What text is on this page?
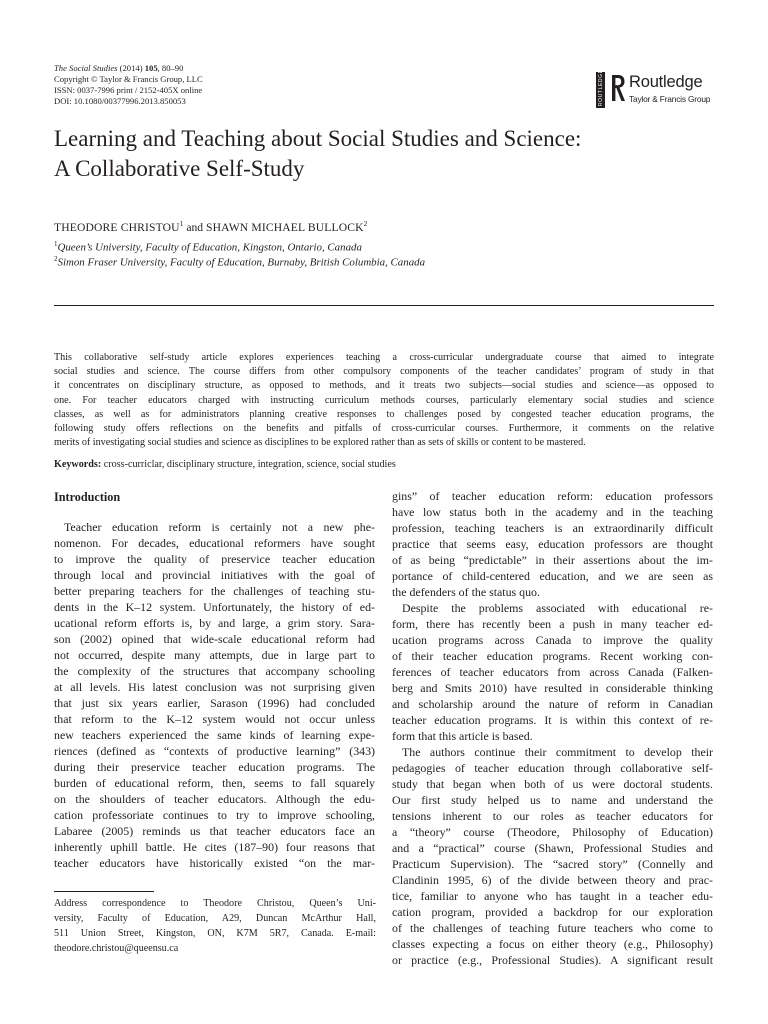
The Social Studies (2014) 105, 80–90
Copyright © Taylor & Francis Group, LLC
ISSN: 0037-7996 print / 2152-405X online
DOI: 10.1080/00377996.2013.850053	ROUTLEDGE Routledge
Taylor & Francis Group
Learning and Teaching about Social Studies and Science:
A Collaborative Self-Study
THEODORE CHRISTOU$^1$ and SHAWN MICHAEL BULLOCK$^2$
$^1$Queen’s University, Faculty of Education, Kingston, Ontario, Canada
$^2$Simon Fraser University, Faculty of Education, Burnaby, British Columbia, Canada
This collaborative self-study article explores experiences teaching a cross-curricular undergraduate course that aimed to integrate
social studies and science. The course differs from other compulsory components of the teacher candidates’ program of study in that
it concentrates on disciplinary structure, as opposed to methods, and it treats two subjects—social studies and science—as opposed to
one. For teacher educators charged with instructing curriculum methods courses, particularly elementary social studies and science
classes, as well as for administrators planning creative responses to challenges posed by congested teacher education programs, the
following study offers reflections on the benefits and pitfalls of cross-curricular courses. Furthermore, it comments on the relative
merits of investigating social studies and science as disciplines to be explored rather than as sets of skills or content to be mastered.
Keywords: cross-curriclar, disciplinary structure, integration, science, social studies
Introduction
Teacher education reform is certainly not a new phe-
nomenon. For decades, educational reformers have sought
to improve the quality of preservice teacher education
through local and provincial initiatives with the goal of
better preparing teachers for the challenges of teaching stu-
dents in the K–12 system. Unfortunately, the history of ed-
ucational reform efforts is, by and large, a grim story. Sara-
son (2002) opined that wide-scale educational reform had
not occurred, despite many attempts, due in large part to
the complexity of the structures that accompany schooling
at all levels. His latest conclusion was not surprising given
that just six years earlier, Sarason (1996) had concluded
that reform to the K–12 system would not occur unless
new teachers experienced the same kinds of learning expe-
riences (defined as “contexts of productive learning” (343)
during their preservice teacher education programs. The
burden of educational reform, then, seems to fall squarely
on the shoulders of teacher educators. Although the edu-
cation professoriate continues to try to improve schooling,
Labaree (2005) reminds us that teacher educators face an
inherently uphill battle. He cites (187–90) four reasons that
teacher educators have historically existed “on the mar-
gins” of teacher education reform: education professors
have low status both in the academy and in the teaching
profession, teaching teachers is an extraordinarily difficult
practice that seems easy, education professors are thought
of as being “predictable” in their assertions about the im-
portance of child-centered education, and we are seen as
the defenders of the status quo.
Despite the problems associated with educational re-
form, there has recently been a push in many teacher ed-
ucation programs across Canada to improve the quality
of their teacher education programs. Recent working con-
ferences of teacher educators from across Canada (Falken-
berg and Smits 2010) have resulted in considerable thinking
and scholarship around the nature of reform in Canadian
teacher education programs. It is within this context of re-
form that this article is based.
The authors continue their commitment to develop their
pedagogies of teacher education through collaborative self-
study that began when both of us were doctoral students.
Our first study helped us to name and understand the
tensions inherent to our roles as teacher educators for
a “theory” course (Theodore, Philosophy of Education)
and a “practical” course (Shawn, Professional Studies and
Practicum Supervision). The “sacred story” (Connelly and
Clandinin 1995, 6) of the divide between theory and prac-
tice, familiar to anyone who has taught in a teacher edu-
cation program, provided a backdrop for our exploration
of the challenges of teaching future teachers who come to
classes expecting a focus on either theory (e.g., Philosophy)
or practice (e.g., Professional Studies). A significant result
Address correspondence to Theodore Christou, Queen’s Uni-
versity, Faculty of Education, A29, Duncan McArthur Hall,
511 Union Street, Kingston, ON, K7M 5R7, Canada. E-mail:
theodore.christou@queensu.ca
